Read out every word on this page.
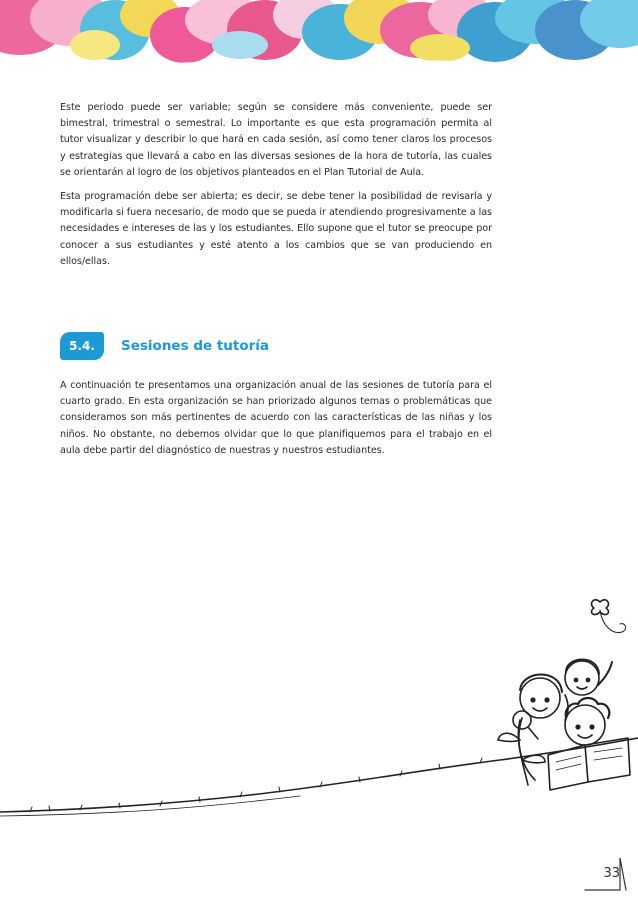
Este periodo puede ser variable; según se considere más conveniente, puede ser bimestral, trimestral o semestral. Lo importante es que esta programación permita al tutor visualizar y describir lo que hará en cada sesión, así como tener claros los procesos y estrategias que llevará a cabo en las diversas sesiones de la hora de tutoría, las cuales se orientarán al logro de los objetivos planteados en el Plan Tutorial de Aula.

Esta programación debe ser abierta; es decir, se debe tener la posibilidad de revisarla y modificarla si fuera necesario, de modo que se pueda ir atendiendo progresivamente a las necesidades e intereses de las y los estudiantes. Ello supone que el tutor se preocupe por conocer a sus estudiantes y esté atento a los cambios que se van produciendo en ellos/ellas.

5.4.	Sesiones de tutoría

A continuación te presentamos una organización anual de las sesiones de tutoría para el cuarto grado. En esta organización se han priorizado algunos temas o problemáticas que consideramos son más pertinentes de acuerdo con las características de las niñas y los niños. No obstante, no debemos olvidar que lo que planifiquemos para el trabajo en el aula debe partir del diagnóstico de nuestras y nuestros estudiantes.

33
